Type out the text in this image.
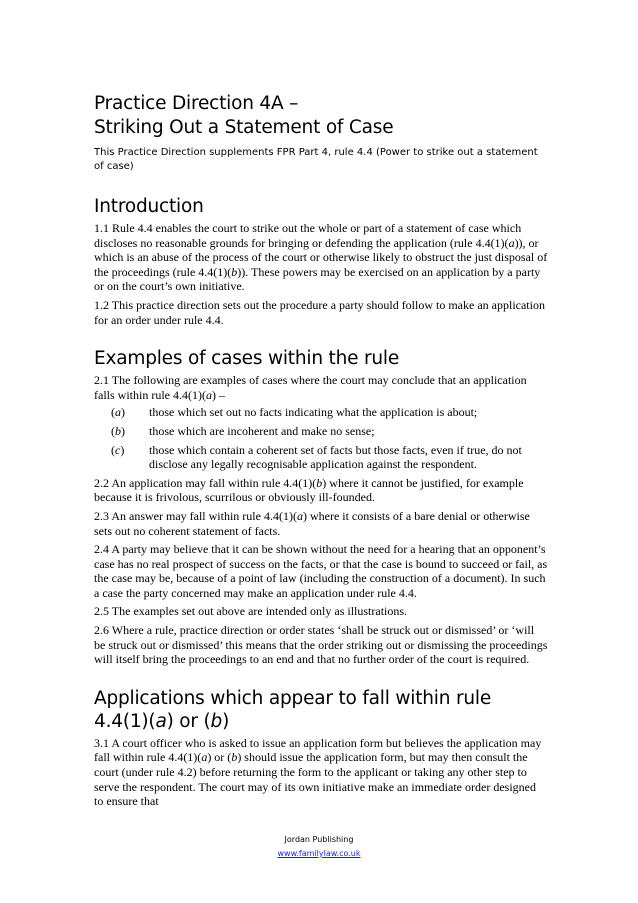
Practice Direction 4A –
Striking Out a Statement of Case

This Practice Direction supplements FPR Part 4, rule 4.4 (Power to strike out a statement of case)

Introduction

1.1 Rule 4.4 enables the court to strike out the whole or part of a statement of case which discloses no reasonable grounds for bringing or defending the application (rule 4.4(1)(a)), or which is an abuse of the process of the court or otherwise likely to obstruct the just disposal of the proceedings (rule 4.4(1)(b)). These powers may be exercised on an application by a party or on the court’s own initiative.

1.2 This practice direction sets out the procedure a party should follow to make an application for an order under rule 4.4.

Examples of cases within the rule

2.1 The following are examples of cases where the court may conclude that an application falls within rule 4.4(1)(a) –

(a)	those which set out no facts indicating what the application is about;
(b)	those which are incoherent and make no sense;
(c)	those which contain a coherent set of facts but those facts, even if true, do not disclose any legally recognisable application against the respondent.

2.2 An application may fall within rule 4.4(1)(b) where it cannot be justified, for example because it is frivolous, scurrilous or obviously ill-founded.

2.3 An answer may fall within rule 4.4(1)(a) where it consists of a bare denial or otherwise sets out no coherent statement of facts.

2.4 A party may believe that it can be shown without the need for a hearing that an opponent’s case has no real prospect of success on the facts, or that the case is bound to succeed or fail, as the case may be, because of a point of law (including the construction of a document). In such a case the party concerned may make an application under rule 4.4.

2.5 The examples set out above are intended only as illustrations.

2.6 Where a rule, practice direction or order states ‘shall be struck out or dismissed’ or ‘will be struck out or dismissed’ this means that the order striking out or dismissing the proceedings will itself bring the proceedings to an end and that no further order of the court is required.

Applications which appear to fall within rule 4.4(1)(a) or (b)

3.1 A court officer who is asked to issue an application form but believes the application may fall within rule 4.4(1)(a) or (b) should issue the application form, but may then consult the court (under rule 4.2) before returning the form to the applicant or taking any other step to serve the respondent. The court may of its own initiative make an immediate order designed to ensure that

Jordan Publishing
www.familylaw.co.uk
